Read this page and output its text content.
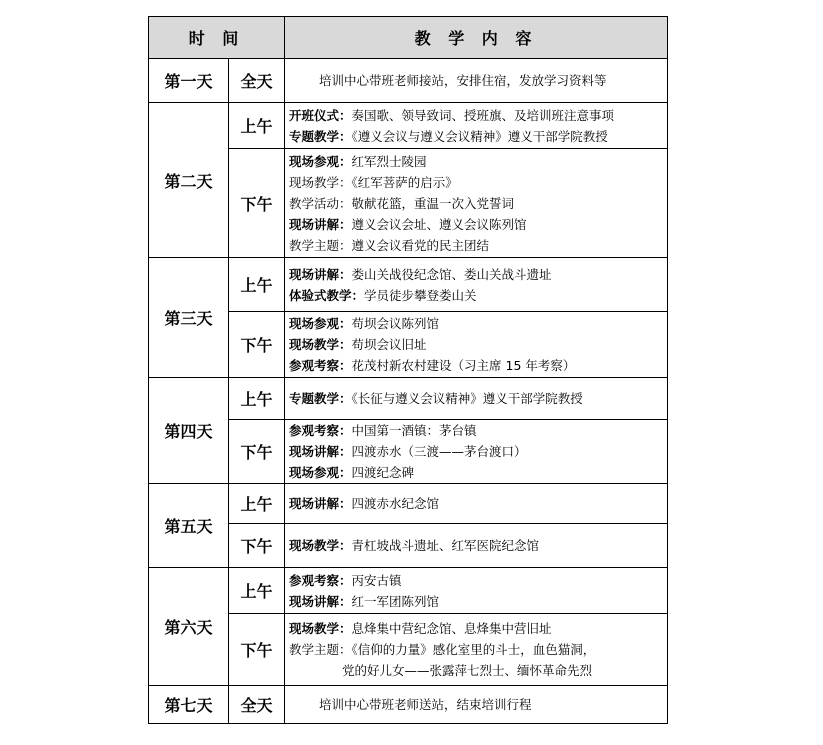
时 间		教 学 内 容
第一天	全天	培训中心带班老师接站，安排住宿，发放学习资料等

第二天	上午	开班仪式：奏国歌、领导致词、授班旗、及培训班注意事项
专题教学：《遵义会议与遵义会议精神》遵义干部学院教授

	下午	现场参观：红军烈士陵园
现场教学：《红军菩萨的启示》
教学活动：敬献花篮，重温一次入党誓词
现场讲解：遵义会议会址、遵义会议陈列馆
教学主题：遵义会议看党的民主团结

第三天	上午	现场讲解：娄山关战役纪念馆、娄山关战斗遗址
体验式教学：学员徒步攀登娄山关

	下午	现场参观：苟坝会议陈列馆
现场教学：苟坝会议旧址
参观考察：花茂村新农村建设（习主席 15 年考察）

第四天	上午	专题教学：《长征与遵义会议精神》遵义干部学院教授

	下午	参观考察：中国第一酒镇：茅台镇
现场讲解：四渡赤水（三渡——茅台渡口）
现场参观：四渡纪念碑

第五天	上午	现场讲解：四渡赤水纪念馆

	下午	现场教学：青杠坡战斗遗址、红军医院纪念馆

第六天	上午	参观考察：丙安古镇
现场讲解：红一军团陈列馆

	下午	现场教学：息烽集中营纪念馆、息烽集中营旧址
教学主题：《信仰的力量》感化室里的斗士，血色猫洞，
党的好儿女——张露萍七烈士、缅怀革命先烈

第七天	全天	培训中心带班老师送站，结束培训行程
